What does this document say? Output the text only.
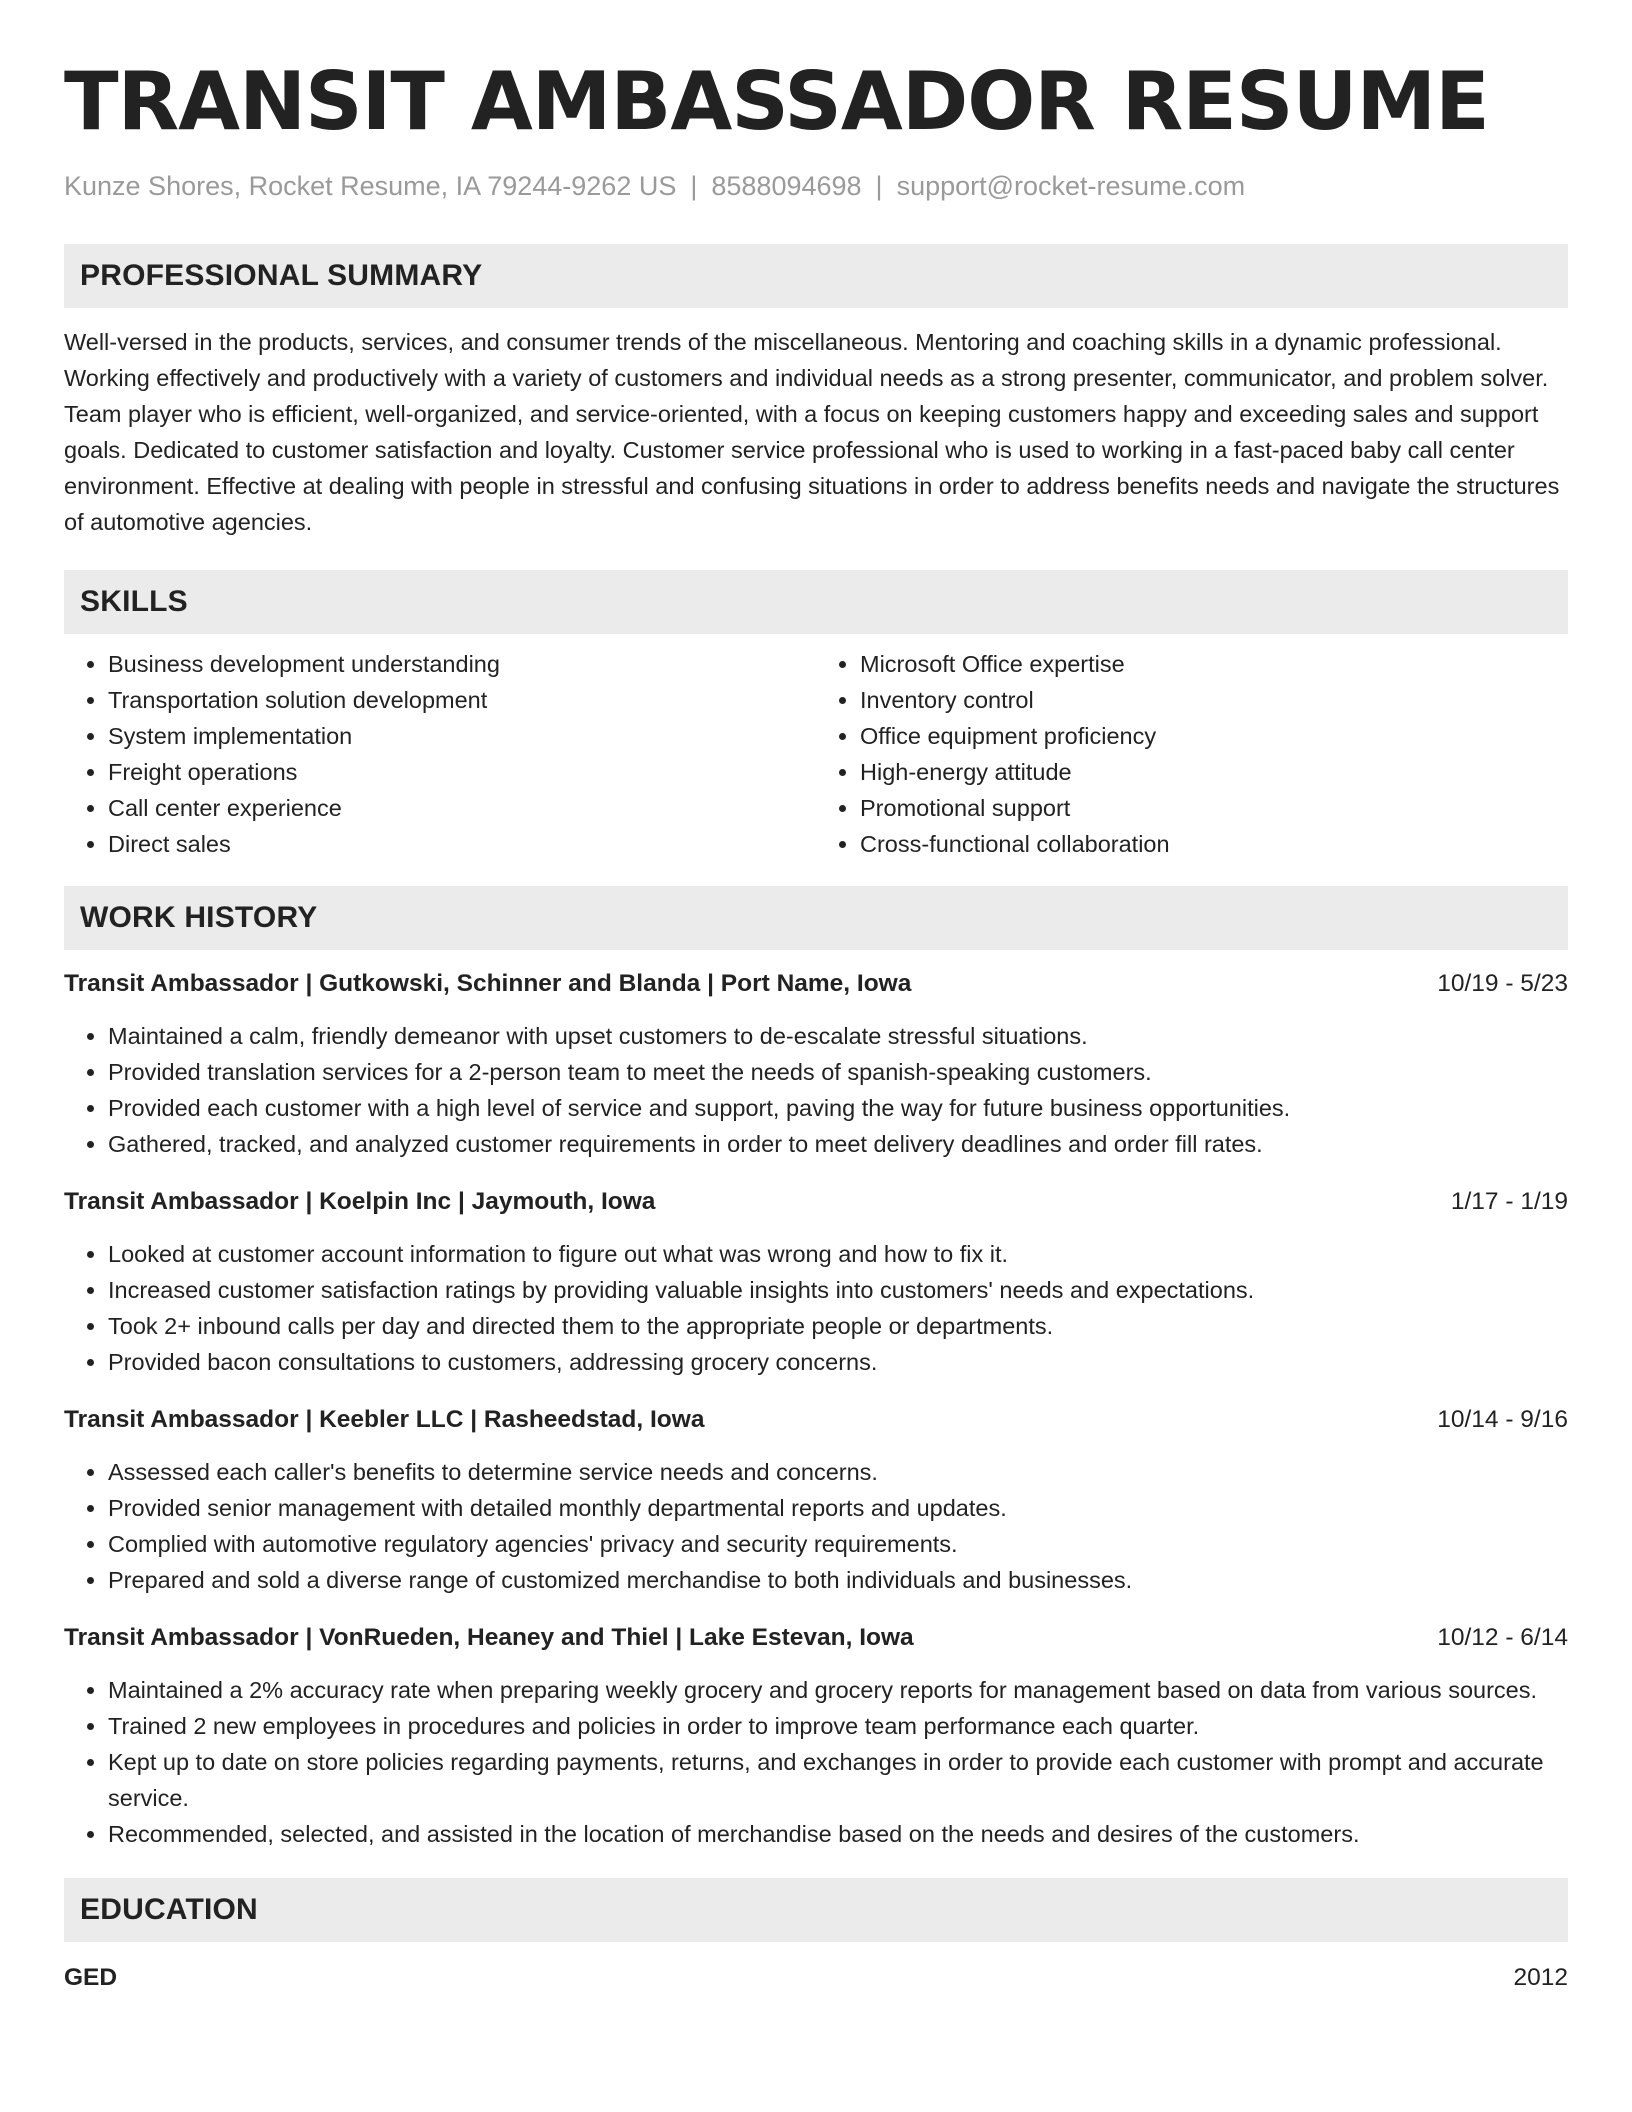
TRANSIT AMBASSADOR RESUME
Kunze Shores, Rocket Resume, IA 79244-9262 US | 8588094698 | support@rocket-resume.com
PROFESSIONAL SUMMARY
Well-versed in the products, services, and consumer trends of the miscellaneous. Mentoring and coaching skills in a dynamic professional. Working effectively and productively with a variety of customers and individual needs as a strong presenter, communicator, and problem solver. Team player who is efficient, well-organized, and service-oriented, with a focus on keeping customers happy and exceeding sales and support goals. Dedicated to customer satisfaction and loyalty. Customer service professional who is used to working in a fast-paced baby call center environment. Effective at dealing with people in stressful and confusing situations in order to address benefits needs and navigate the structures of automotive agencies.
SKILLS
• Business development understanding
• Transportation solution development
• System implementation
• Freight operations
• Call center experience
• Direct sales
• Microsoft Office expertise
• Inventory control
• Office equipment proficiency
• High-energy attitude
• Promotional support
• Cross-functional collaboration
WORK HISTORY
Transit Ambassador | Gutkowski, Schinner and Blanda | Port Name, Iowa	10/19 - 5/23
• Maintained a calm, friendly demeanor with upset customers to de-escalate stressful situations.
• Provided translation services for a 2-person team to meet the needs of spanish-speaking customers.
• Provided each customer with a high level of service and support, paving the way for future business opportunities.
• Gathered, tracked, and analyzed customer requirements in order to meet delivery deadlines and order fill rates.
Transit Ambassador | Koelpin Inc | Jaymouth, Iowa	1/17 - 1/19
• Looked at customer account information to figure out what was wrong and how to fix it.
• Increased customer satisfaction ratings by providing valuable insights into customers' needs and expectations.
• Took 2+ inbound calls per day and directed them to the appropriate people or departments.
• Provided bacon consultations to customers, addressing grocery concerns.
Transit Ambassador | Keebler LLC | Rasheedstad, Iowa	10/14 - 9/16
• Assessed each caller's benefits to determine service needs and concerns.
• Provided senior management with detailed monthly departmental reports and updates.
• Complied with automotive regulatory agencies' privacy and security requirements.
• Prepared and sold a diverse range of customized merchandise to both individuals and businesses.
Transit Ambassador | VonRueden, Heaney and Thiel | Lake Estevan, Iowa	10/12 - 6/14
• Maintained a 2% accuracy rate when preparing weekly grocery and grocery reports for management based on data from various sources.
• Trained 2 new employees in procedures and policies in order to improve team performance each quarter.
• Kept up to date on store policies regarding payments, returns, and exchanges in order to provide each customer with prompt and accurate service.
• Recommended, selected, and assisted in the location of merchandise based on the needs and desires of the customers.
EDUCATION
GED	2012
